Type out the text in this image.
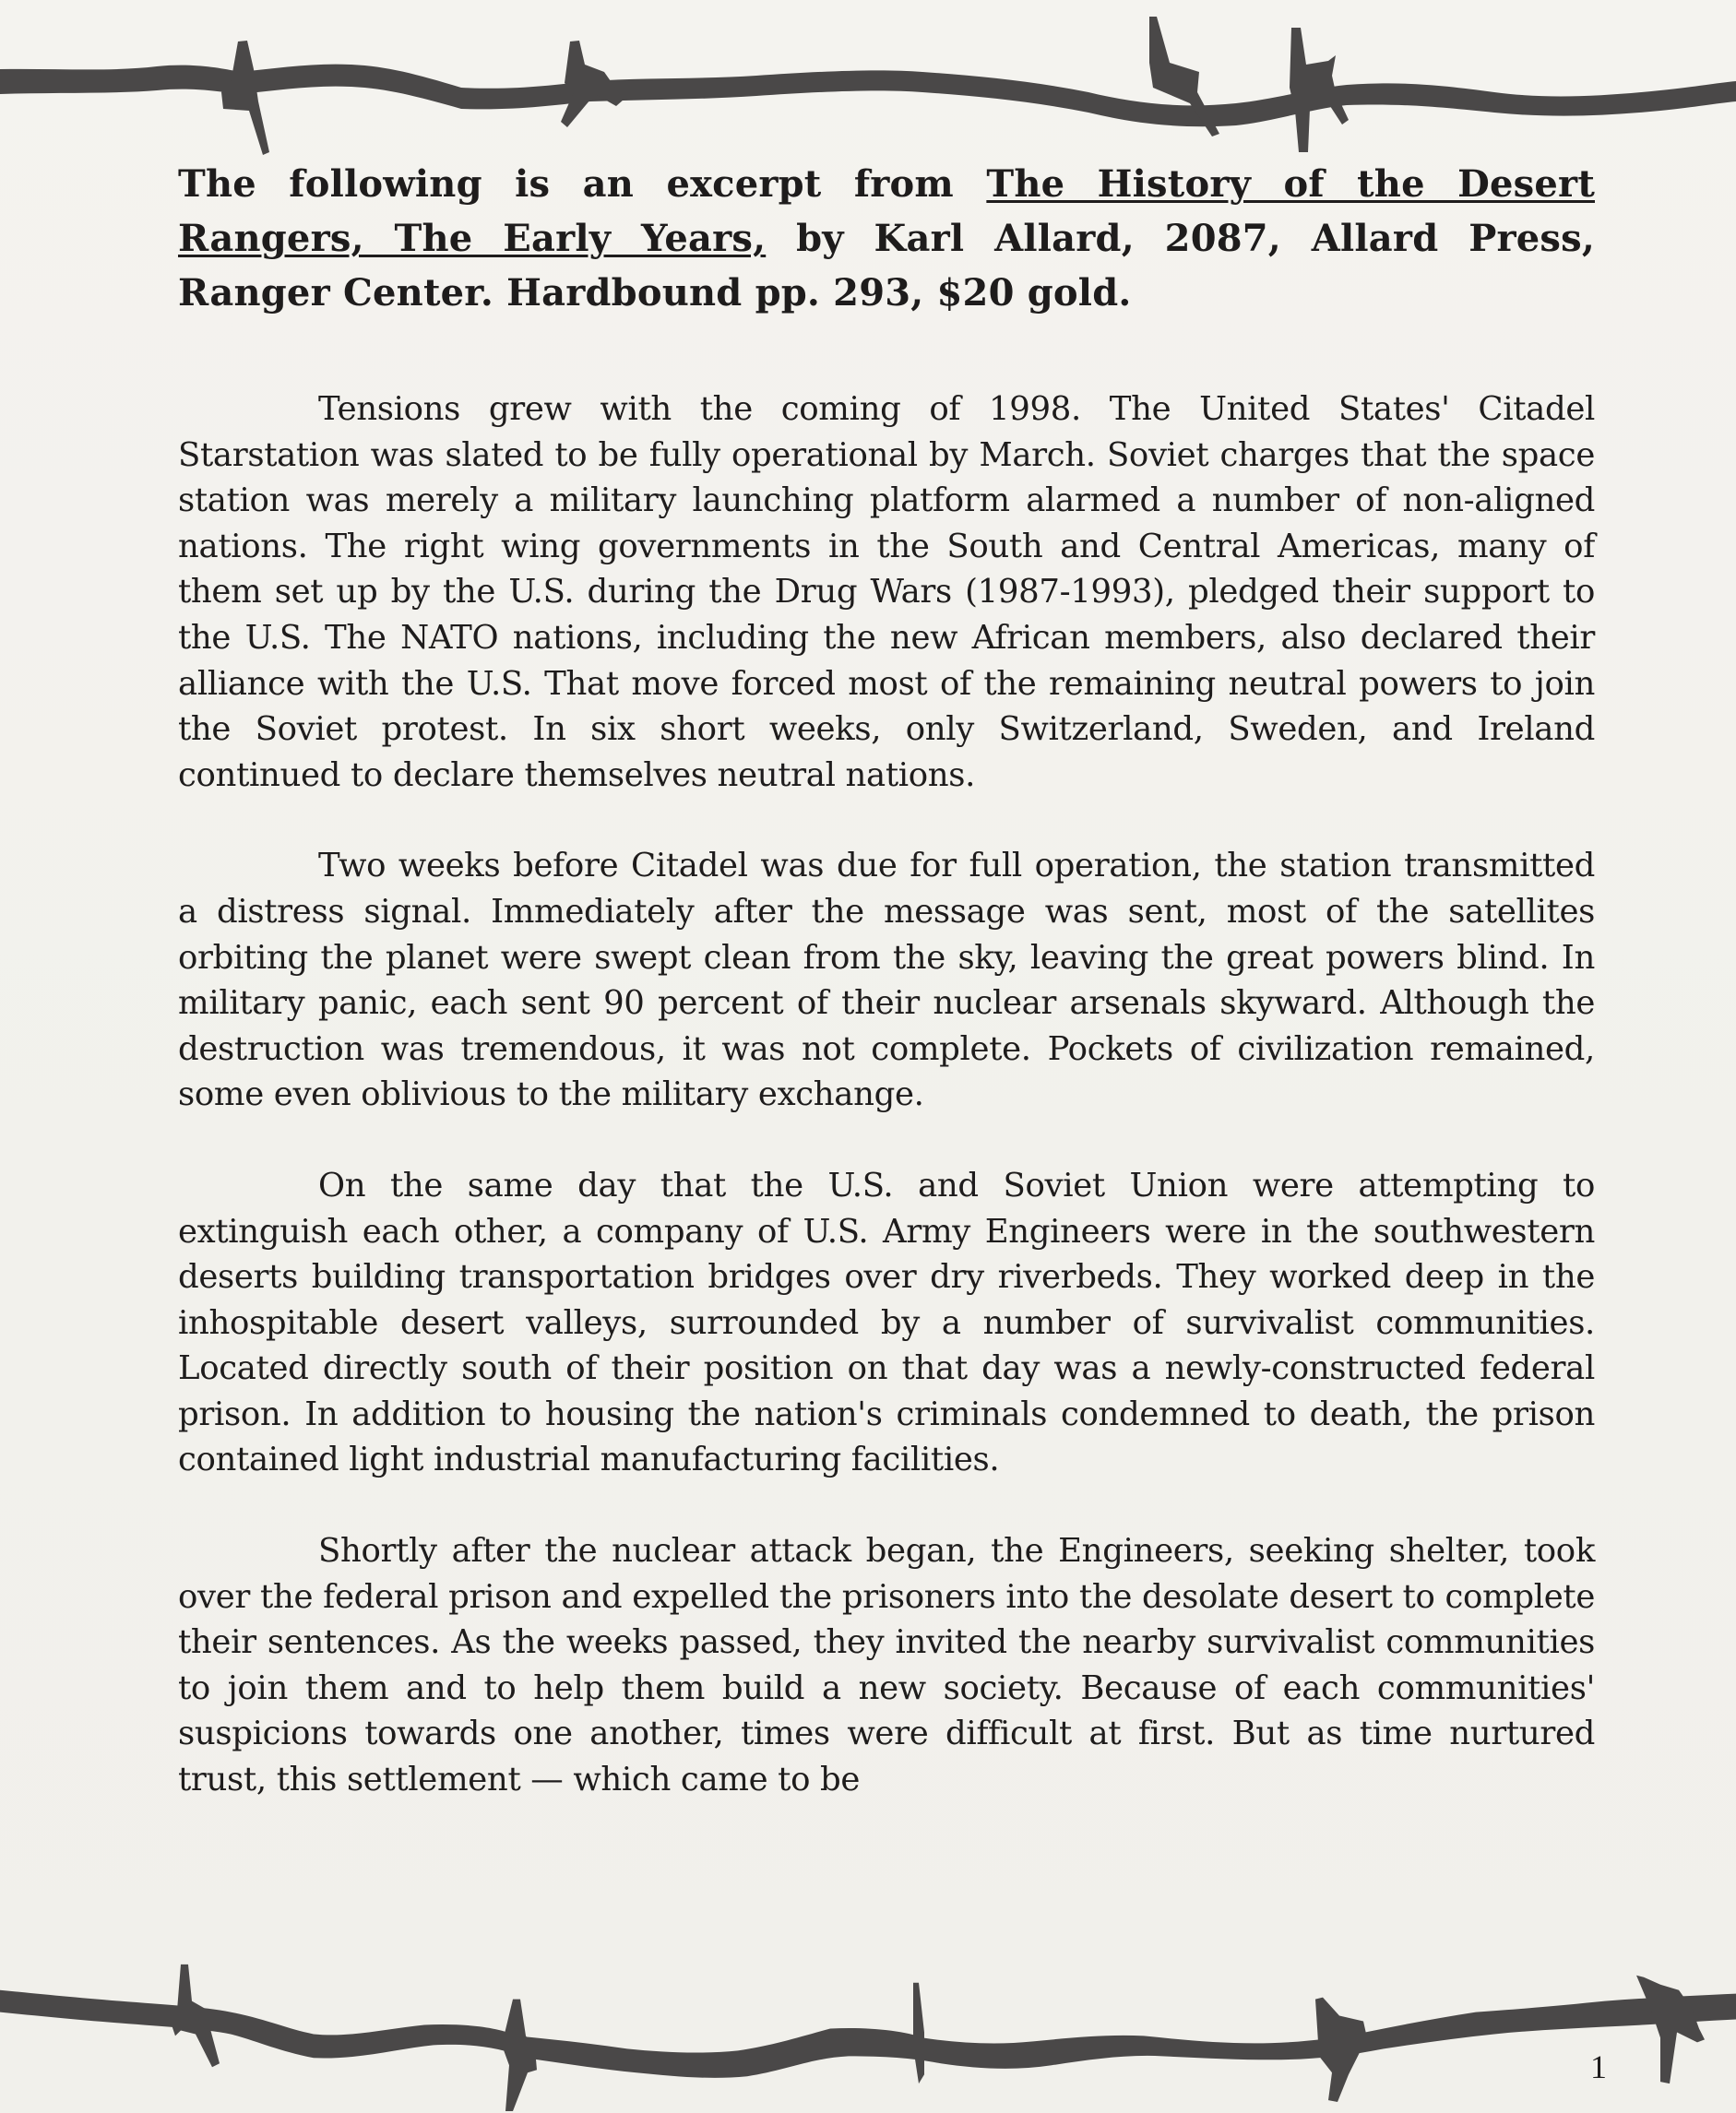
The following is an excerpt from The History of the Desert Rangers, The Early Years, by Karl Allard, 2087, Allard Press, Ranger Center. Hardbound pp. 293, $20 gold.

Tensions grew with the coming of 1998. The United States' Citadel Starstation was slated to be fully operational by March. Soviet charges that the space station was merely a military launching platform alarmed a number of non-aligned nations. The right wing governments in the South and Central Americas, many of them set up by the U.S. during the Drug Wars (1987-1993), pledged their support to the U.S. The NATO nations, including the new African members, also declared their alliance with the U.S. That move forced most of the remaining neutral powers to join the Soviet protest. In six short weeks, only Switzerland, Sweden, and Ireland continued to declare themselves neutral nations.

Two weeks before Citadel was due for full operation, the station transmitted a distress signal. Immediately after the message was sent, most of the satellites orbiting the planet were swept clean from the sky, leaving the great powers blind. In military panic, each sent 90 percent of their nuclear arsenals skyward. Although the destruction was tremendous, it was not complete. Pockets of civilization remained, some even oblivious to the military exchange.

On the same day that the U.S. and Soviet Union were attempting to extinguish each other, a company of U.S. Army Engineers were in the southwestern deserts building transportation bridges over dry riverbeds. They worked deep in the inhospitable desert valleys, surrounded by a number of survivalist communities. Located directly south of their position on that day was a newly-constructed federal prison. In addition to housing the nation's criminals condemned to death, the prison contained light industrial manufacturing facilities.

Shortly after the nuclear attack began, the Engineers, seeking shelter, took over the federal prison and expelled the prisoners into the desolate desert to complete their sentences. As the weeks passed, they invited the nearby survivalist communities to join them and to help them build a new society. Because of each communities' suspicions towards one another, times were difficult at first. But as time nurtured trust, this settlement — which came to be

1
